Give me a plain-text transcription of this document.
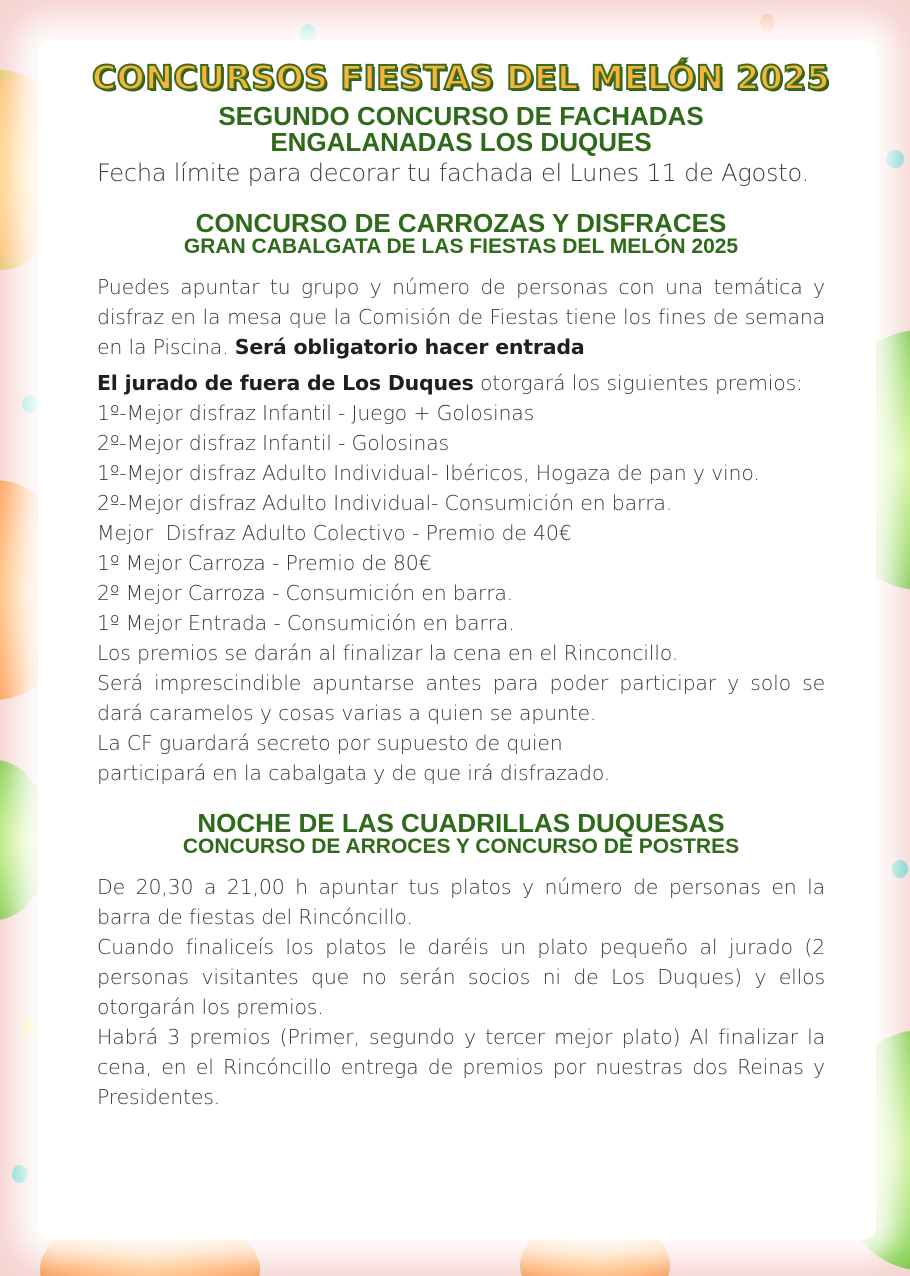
CONCURSOS FIESTAS DEL MELÓN 2025
SEGUNDO CONCURSO DE FACHADAS
ENGALANADAS LOS DUQUES
Fecha límite para decorar tu fachada el Lunes 11 de Agosto.
CONCURSO DE CARROZAS Y DISFRACES
GRAN CABALGATA DE LAS FIESTAS DEL MELÓN 2025
Puedes apuntar tu grupo y número de personas con una temática y disfraz en la mesa que la Comisión de Fiestas tiene los fines de semana en la Piscina. Será obligatorio hacer entrada
El jurado de fuera de Los Duques otorgará los siguientes premios:
1º-Mejor disfraz Infantil - Juego + Golosinas
2º-Mejor disfraz Infantil - Golosinas
1º-Mejor disfraz Adulto Individual- Ibéricos, Hogaza de pan y vino.
2º-Mejor disfraz Adulto Individual- Consumición en barra.
Mejor  Disfraz Adulto Colectivo - Premio de 40€
1º Mejor Carroza - Premio de 80€
2º Mejor Carroza - Consumición en barra.
1º Mejor Entrada - Consumición en barra.
Los premios se darán al finalizar la cena en el Rinconcillo.
Será imprescindible apuntarse antes para poder participar y solo se dará caramelos y cosas varias a quien se apunte.
La CF guardará secreto por supuesto de quien
participará en la cabalgata y de que irá disfrazado.
NOCHE DE LAS CUADRILLAS DUQUESAS
CONCURSO DE ARROCES Y CONCURSO DE POSTRES
De 20,30 a 21,00 h apuntar tus platos y número de personas en la barra de fiestas del Rincóncillo.
Cuando finaliceís los platos le daréis un plato pequeño al jurado (2 personas visitantes que no serán socios ni de Los Duques) y ellos otorgarán los premios.
Habrá 3 premios (Primer, segundo y tercer mejor plato) Al finalizar la cena, en el Rincóncillo entrega de premios por nuestras dos Reinas y Presidentes.
